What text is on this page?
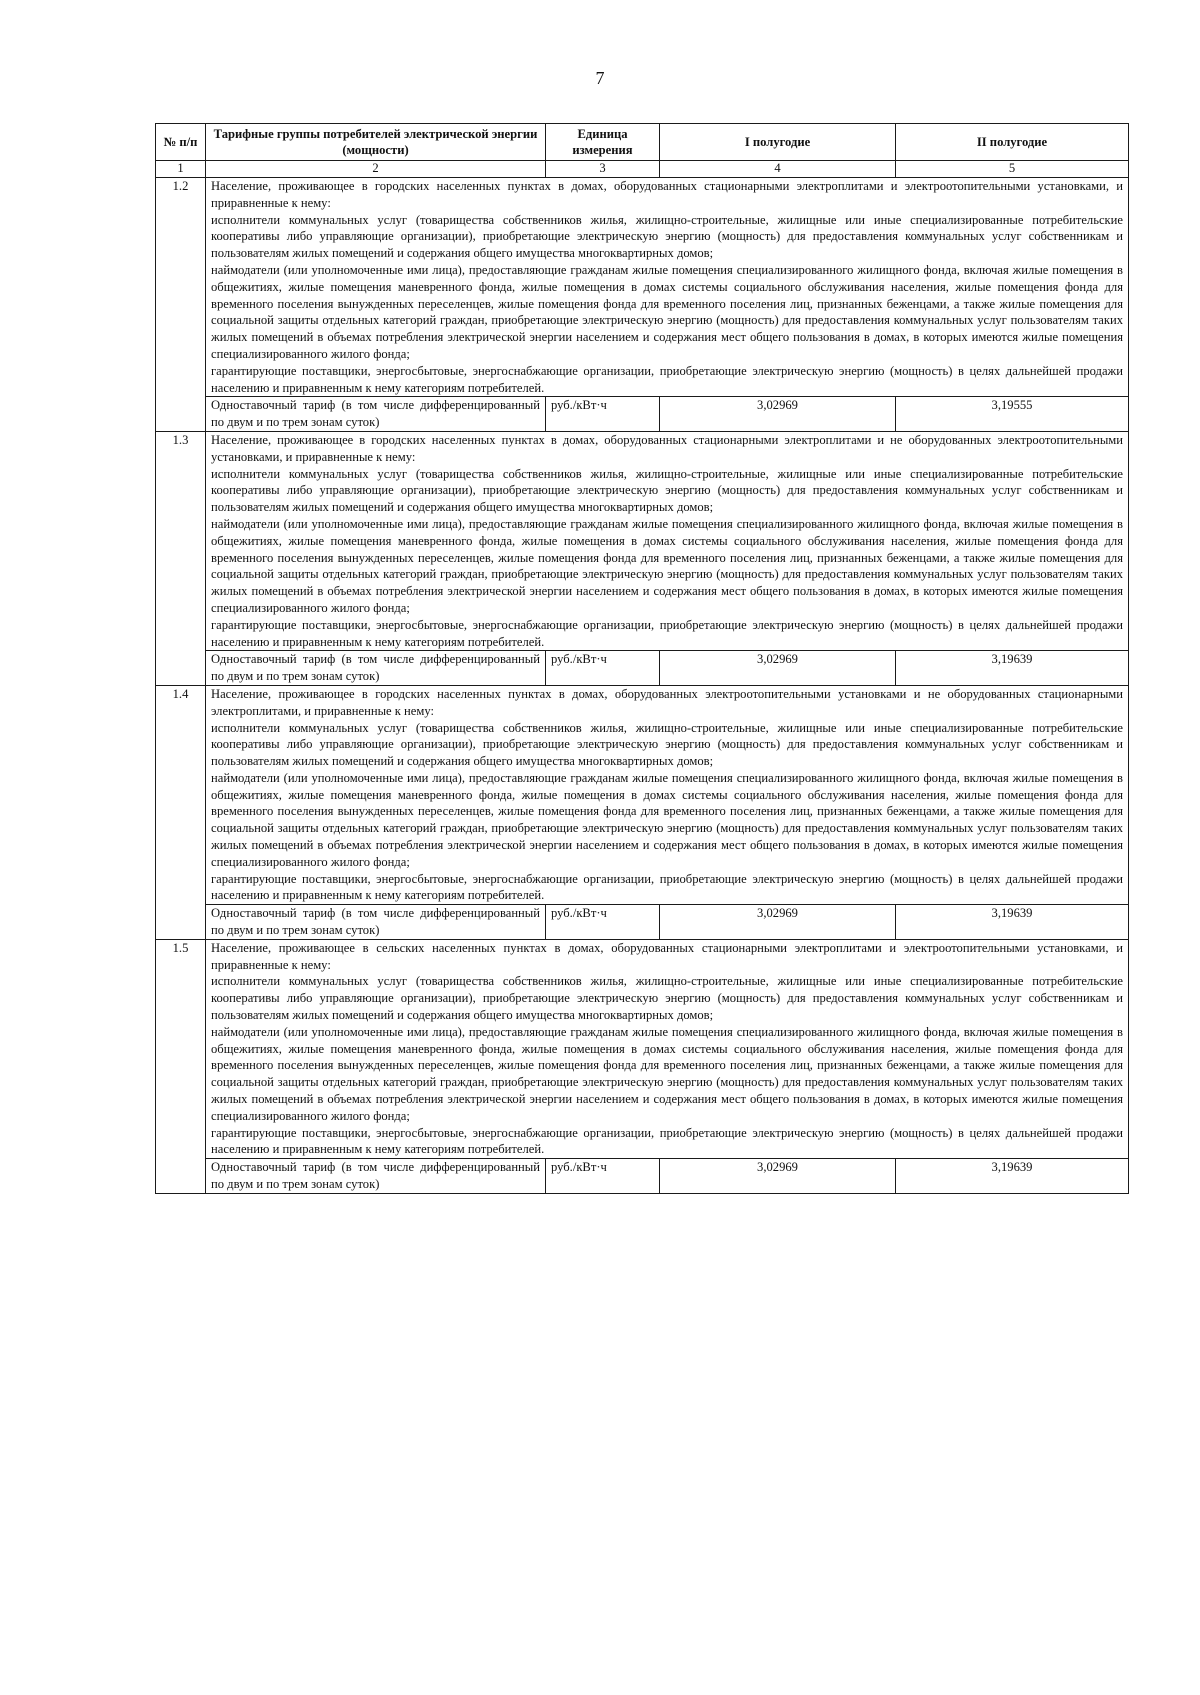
7
№ п/п	Тарифные группы потребителей электрической энергии (мощности)	Единица измерения	I полугодие	II полугодие
1	2	3	4	5
1.2	Население, проживающее в городских населенных пунктах в домах, оборудованных стационарными электроплитами и электроотопительными установками, и приравненные к нему:

исполнители коммунальных услуг (товарищества собственников жилья, жилищно-строительные, жилищные или иные специализированные потребительские кооперативы либо управляющие организации), приобретающие электрическую энергию (мощность) для предоставления коммунальных услуг собственникам и пользователям жилых помещений и содержания общего имущества многоквартирных домов;

наймодатели (или уполномоченные ими лица), предоставляющие гражданам жилые помещения специализированного жилищного фонда, включая жилые помещения в общежитиях, жилые помещения маневренного фонда, жилые помещения в домах системы социального обслуживания населения, жилые помещения фонда для временного поселения вынужденных переселенцев, жилые помещения фонда для временного поселения лиц, признанных беженцами, а также жилые помещения для социальной защиты отдельных категорий граждан, приобретающие электрическую энергию (мощность) для предоставления коммунальных услуг пользователям таких жилых помещений в объемах потребления электрической энергии населением и содержания мест общего пользования в домах, в которых имеются жилые помещения специализированного жилого фонда;

гарантирующие поставщики, энергосбытовые, энергоснабжающие организации, приобретающие электрическую энергию (мощность) в целях дальнейшей продажи населению и приравненным к нему категориям потребителей.			

	Одноставочный тариф (в том числе дифференцированный по двум и по трем зонам суток)	руб./кВт·ч	3,02969	3,19555
1.3	Население, проживающее в городских населенных пунктах в домах, оборудованных стационарными электроплитами и не оборудованных электроотопительными установками, и приравненные к нему:

исполнители коммунальных услуг (товарищества собственников жилья, жилищно-строительные, жилищные или иные специализированные потребительские кооперативы либо управляющие организации), приобретающие электрическую энергию (мощность) для предоставления коммунальных услуг собственникам и пользователям жилых помещений и содержания общего имущества многоквартирных домов;

наймодатели (или уполномоченные ими лица), предоставляющие гражданам жилые помещения специализированного жилищного фонда, включая жилые помещения в общежитиях, жилые помещения маневренного фонда, жилые помещения в домах системы социального обслуживания населения, жилые помещения фонда для временного поселения вынужденных переселенцев, жилые помещения фонда для временного поселения лиц, признанных беженцами, а также жилые помещения для социальной защиты отдельных категорий граждан, приобретающие электрическую энергию (мощность) для предоставления коммунальных услуг пользователям таких жилых помещений в объемах потребления электрической энергии населением и содержания мест общего пользования в домах, в которых имеются жилые помещения специализированного жилого фонда;

гарантирующие поставщики, энергосбытовые, энергоснабжающие организации, приобретающие электрическую энергию (мощность) в целях дальнейшей продажи населению и приравненным к нему категориям потребителей.			

	Одноставочный тариф (в том числе дифференцированный по двум и по трем зонам суток)	руб./кВт·ч	3,02969	3,19639
1.4	Население, проживающее в городских населенных пунктах в домах, оборудованных электроотопительными установками и не оборудованных стационарными электроплитами, и приравненные к нему:

исполнители коммунальных услуг (товарищества собственников жилья, жилищно-строительные, жилищные или иные специализированные потребительские кооперативы либо управляющие организации), приобретающие электрическую энергию (мощность) для предоставления коммунальных услуг собственникам и пользователям жилых помещений и содержания общего имущества многоквартирных домов;

наймодатели (или уполномоченные ими лица), предоставляющие гражданам жилые помещения специализированного жилищного фонда, включая жилые помещения в общежитиях, жилые помещения маневренного фонда, жилые помещения в домах системы социального обслуживания населения, жилые помещения фонда для временного поселения вынужденных переселенцев, жилые помещения фонда для временного поселения лиц, признанных беженцами, а также жилые помещения для социальной защиты отдельных категорий граждан, приобретающие электрическую энергию (мощность) для предоставления коммунальных услуг пользователям таких жилых помещений в объемах потребления электрической энергии населением и содержания мест общего пользования в домах, в которых имеются жилые помещения специализированного жилого фонда;

гарантирующие поставщики, энергосбытовые, энергоснабжающие организации, приобретающие электрическую энергию (мощность) в целях дальнейшей продажи населению и приравненным к нему категориям потребителей.			

	Одноставочный тариф (в том числе дифференцированный по двум и по трем зонам суток)	руб./кВт·ч	3,02969	3,19639
1.5	Население, проживающее в сельских населенных пунктах в домах, оборудованных стационарными электроплитами и электроотопительными установками, и приравненные к нему:

исполнители коммунальных услуг (товарищества собственников жилья, жилищно-строительные, жилищные или иные специализированные потребительские кооперативы либо управляющие организации), приобретающие электрическую энергию (мощность) для предоставления коммунальных услуг собственникам и пользователям жилых помещений и содержания общего имущества многоквартирных домов;

наймодатели (или уполномоченные ими лица), предоставляющие гражданам жилые помещения специализированного жилищного фонда, включая жилые помещения в общежитиях, жилые помещения маневренного фонда, жилые помещения в домах системы социального обслуживания населения, жилые помещения фонда для временного поселения вынужденных переселенцев, жилые помещения фонда для временного поселения лиц, признанных беженцами, а также жилые помещения для социальной защиты отдельных категорий граждан, приобретающие электрическую энергию (мощность) для предоставления коммунальных услуг пользователям таких жилых помещений в объемах потребления электрической энергии населением и содержания мест общего пользования в домах, в которых имеются жилые помещения специализированного жилого фонда;

гарантирующие поставщики, энергосбытовые, энергоснабжающие организации, приобретающие электрическую энергию (мощность) в целях дальнейшей продажи населению и приравненным к нему категориям потребителей.			

	Одноставочный тариф (в том числе дифференцированный по двум и по трем зонам суток)	руб./кВт·ч	3,02969	3,19639
